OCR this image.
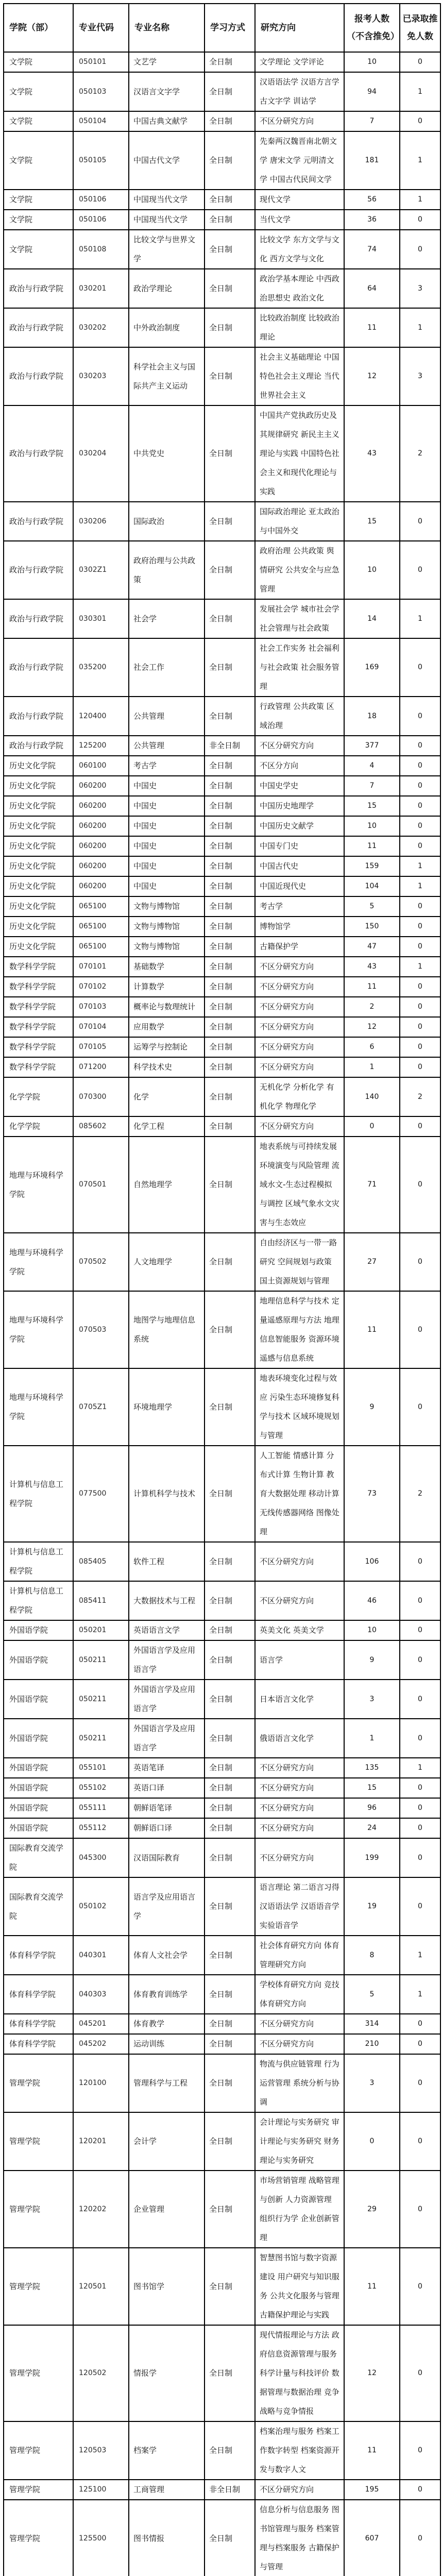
学院（部）	专业代码	专业名称	学习方式	研究方向	报考人数（不含推免）	已录取推免人数
文学院	050101	文艺学	全日制	文学理论 文学评论	10	0
文学院	050103	汉语言文字学	全日制	汉语语法学 汉语方言学 古文字学 训诂学	94	1
文学院	050104	中国古典文献学	全日制	不区分研究方向	7	0
文学院	050105	中国古代文学	全日制	先秦两汉魏晋南北朝文学 唐宋文学 元明清文学 中国古代民间文学	181	1
文学院	050106	中国现当代文学	全日制	现代文学	56	1
文学院	050106	中国现当代文学	全日制	当代文学	36	0
文学院	050108	比较文学与世界文学	全日制	比较文学 东方文学与文化 西方文学与文化	74	0
政治与行政学院	030201	政治学理论	全日制	政治学基本理论 中西政治思想史 政治文化	64	3
政治与行政学院	030202	中外政治制度	全日制	比较政治制度 比较政治理论	11	1
政治与行政学院	030203	科学社会主义与国际共产主义运动	全日制	社会主义基础理论 中国特色社会主义理论 当代世界社会主义	12	3
政治与行政学院	030204	中共党史	全日制	中国共产党执政历史及其规律研究 新民主主义理论与实践 中国特色社会主义和现代化理论与实践	43	2
政治与行政学院	030206	国际政治	全日制	国际政治理论 亚太政治与中国外交	15	0
政治与行政学院	0302Z1	政府治理与公共政策	全日制	政府治理 公共政策 舆情研究 公共安全与应急管理	10	0
政治与行政学院	030301	社会学	全日制	发展社会学 城市社会学 社会管理与社会政策	14	1
政治与行政学院	035200	社会工作	全日制	社会工作实务 社会福利与社会政策 社会服务管理	169	0
政治与行政学院	120400	公共管理	全日制	行政管理 公共政策 区域治理	18	0
政治与行政学院	125200	公共管理	非全日制	不区分研究方向	377	0
历史文化学院	060100	考古学	全日制	不区分方向	4	0
历史文化学院	060200	中国史	全日制	中国史学史	7	0
历史文化学院	060200	中国史	全日制	中国历史地理学	15	0
历史文化学院	060200	中国史	全日制	中国历史文献学	10	0
历史文化学院	060200	中国史	全日制	中国专门史	11	0
历史文化学院	060200	中国史	全日制	中国古代史	159	1
历史文化学院	060200	中国史	全日制	中国近现代史	104	1
历史文化学院	065100	文物与博物馆	全日制	考古学	5	0
历史文化学院	065100	文物与博物馆	全日制	博物馆学	150	0
历史文化学院	065100	文物与博物馆	全日制	古籍保护学	47	0
数学科学学院	070101	基础数学	全日制	不区分研究方向	43	1
数学科学学院	070102	计算数学	全日制	不区分研究方向	11	0
数学科学学院	070103	概率论与数理统计	全日制	不区分研究方向	2	0
数学科学学院	070104	应用数学	全日制	不区分研究方向	12	0
数学科学学院	070105	运筹学与控制论	全日制	不区分研究方向	6	0
数学科学学院	071200	科学技术史	全日制	不区分研究方向	1	0
化学学院	070300	化学	全日制	无机化学 分析化学 有机化学 物理化学	140	2
化学学院	085602	化学工程	全日制	不区分研究方向	0	0
地理与环境科学学院	070501	自然地理学	全日制	地表系统与可持续发展 环境演变与风险管理 流域水文-生态过程模拟与调控 区域气象水文灾害与生态效应	71	0
地理与环境科学学院	070502	人文地理学	全日制	自由经济区与一带一路研究 空间规划与政策 国土资源规划与管理	27	0
地理与环境科学学院	070503	地图学与地理信息系统	全日制	地理信息科学与技术 定量遥感原理与方法 地理信息智能服务 资源环境遥感与信息系统	11	0
地理与环境科学学院	0705Z1	环境地理学	全日制	地表环境变化过程与效应 污染生态环境修复科学与技术 区域环境规划与管理	9	0
计算机与信息工程学院	077500	计算机科学与技术	全日制	人工智能 情感计算 分布式计算 生物计算 教育大数据处理 移动计算 无线传感器网络 图像处理	73	2
计算机与信息工程学院	085405	软件工程	全日制	不区分研究方向	106	0
计算机与信息工程学院	085411	大数据技术与工程	全日制	不区分研究方向	46	0
外国语学院	050201	英语语言文学	全日制	英美文化 英美文学	10	0
外国语学院	050211	外国语言学及应用语言学	全日制	语言学	9	0
外国语学院	050211	外国语言学及应用语言学	全日制	日本语言文化学	3	0
外国语学院	050211	外国语言学及应用语言学	全日制	俄语语言文化学	1	0
外国语学院	055101	英语笔译	全日制	不区分研究方向	135	1
外国语学院	055102	英语口译	全日制	不区分研究方向	15	0
外国语学院	055111	朝鲜语笔译	全日制	不区分研究方向	96	0
外国语学院	055112	朝鲜语口译	全日制	不区分研究方向	24	0
国际教育交流学院	045300	汉语国际教育	全日制	不区分研究方向	199	0
国际教育交流学院	050102	语言学及应用语言学	全日制	语言理论 第二语言习得 汉语语法学 汉语语音学 实验语音学	19	0
体育科学学院	040301	体育人文社会学	全日制	社会体育研究方向 体育管理研究方向	8	1
体育科学学院	040303	体育教育训练学	全日制	学校体育研究方向 竞技体育研究方向	5	1
体育科学学院	045201	体育教学	全日制	不区分研究方向	314	0
体育科学学院	045202	运动训练	全日制	不区分研究方向	210	0
管理学院	120100	管理科学与工程	全日制	物流与供应链管理 行为运营管理 系统分析与协调	3	0
管理学院	120201	会计学	全日制	会计理论与实务研究 审计理论与实务研究 财务理论与实务研究	0	0
管理学院	120202	企业管理	全日制	市场营销管理 战略管理与创新 人力资源管理 组织行为学 企业创新管理	29	0
管理学院	120501	图书馆学	全日制	智慧图书馆与数字资源建设 用户研究与知识服务 公共文化服务与管理 古籍保护理论与实践	11	0
管理学院	120502	情报学	全日制	现代情报理论与方法 政府信息资源管理与服务 科学计量与科技评价 数据管理与数据治理 竞争战略与竞争情报	12	0
管理学院	120503	档案学	全日制	档案治理与服务 档案工作数字转型 档案资源开发与数字人文	11	0
管理学院	125100	工商管理	非全日制	不区分研究方向	195	0
管理学院	125500	图书情报	全日制	信息分析与信息服务 图书馆管理与服务 档案管理与档案服务 古籍保护与管理	607	0
